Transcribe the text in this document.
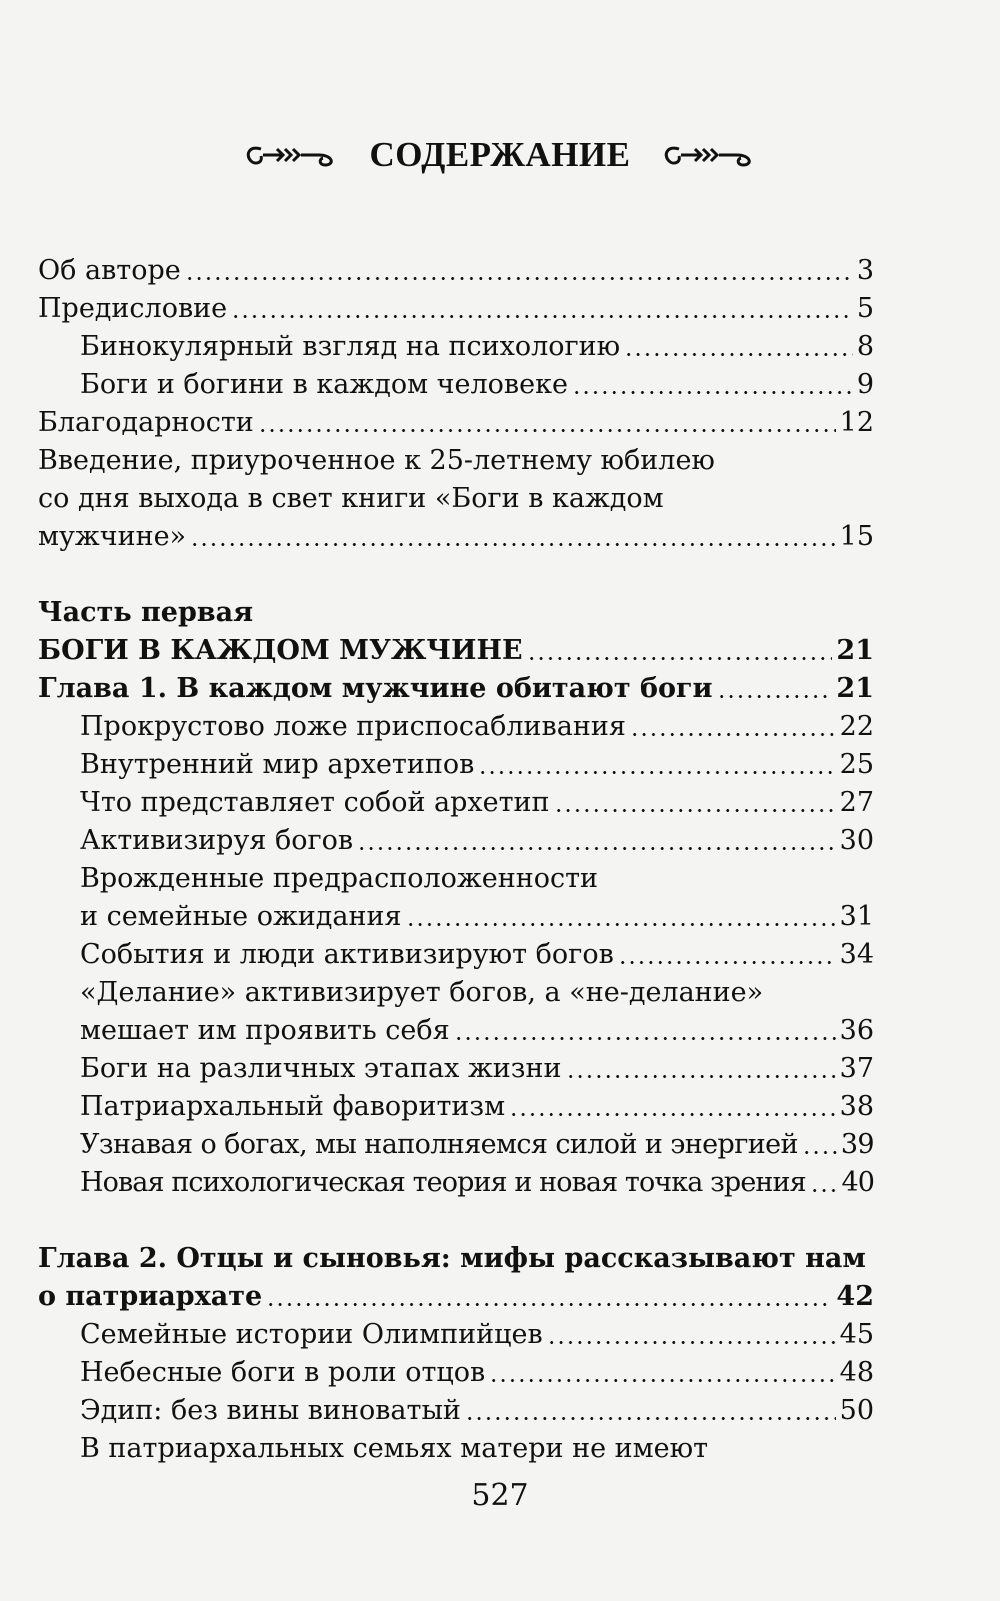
СОДЕРЖАНИЕ
Об авторе	3
Предисловие	5
Бинокулярный взгляд на психологию	8
Боги и богини в каждом человеке	9
Благодарности	12
Введение, приуроченное к 25-летнему юбилею
со дня выхода в свет книги «Боги в каждом
мужчине»	15
Часть первая
БОГИ В КАЖДОМ МУЖЧИНЕ	21
Глава 1. В каждом мужчине обитают боги	21
Прокрустово ложе приспосабливания	22
Внутренний мир архетипов	25
Что представляет собой архетип	27
Активизируя богов	30
Врожденные предрасположенности
и семейные ожидания	31
События и люди активизируют богов	34
«Делание» активизирует богов, а «не-делание»
мешает им проявить себя	36
Боги на различных этапах жизни	37
Патриархальный фаворитизм	38
Узнавая о богах, мы наполняемся силой и энергией 39
Новая психологическая теория и новая точка зрения 40
Глава 2. Отцы и сыновья: мифы рассказывают нам
о патриархате	42
Семейные истории Олимпийцев	45
Небесные боги в роли отцов	48
Эдип: без вины виноватый	50
В патриархальных семьях матери не имеют
527
